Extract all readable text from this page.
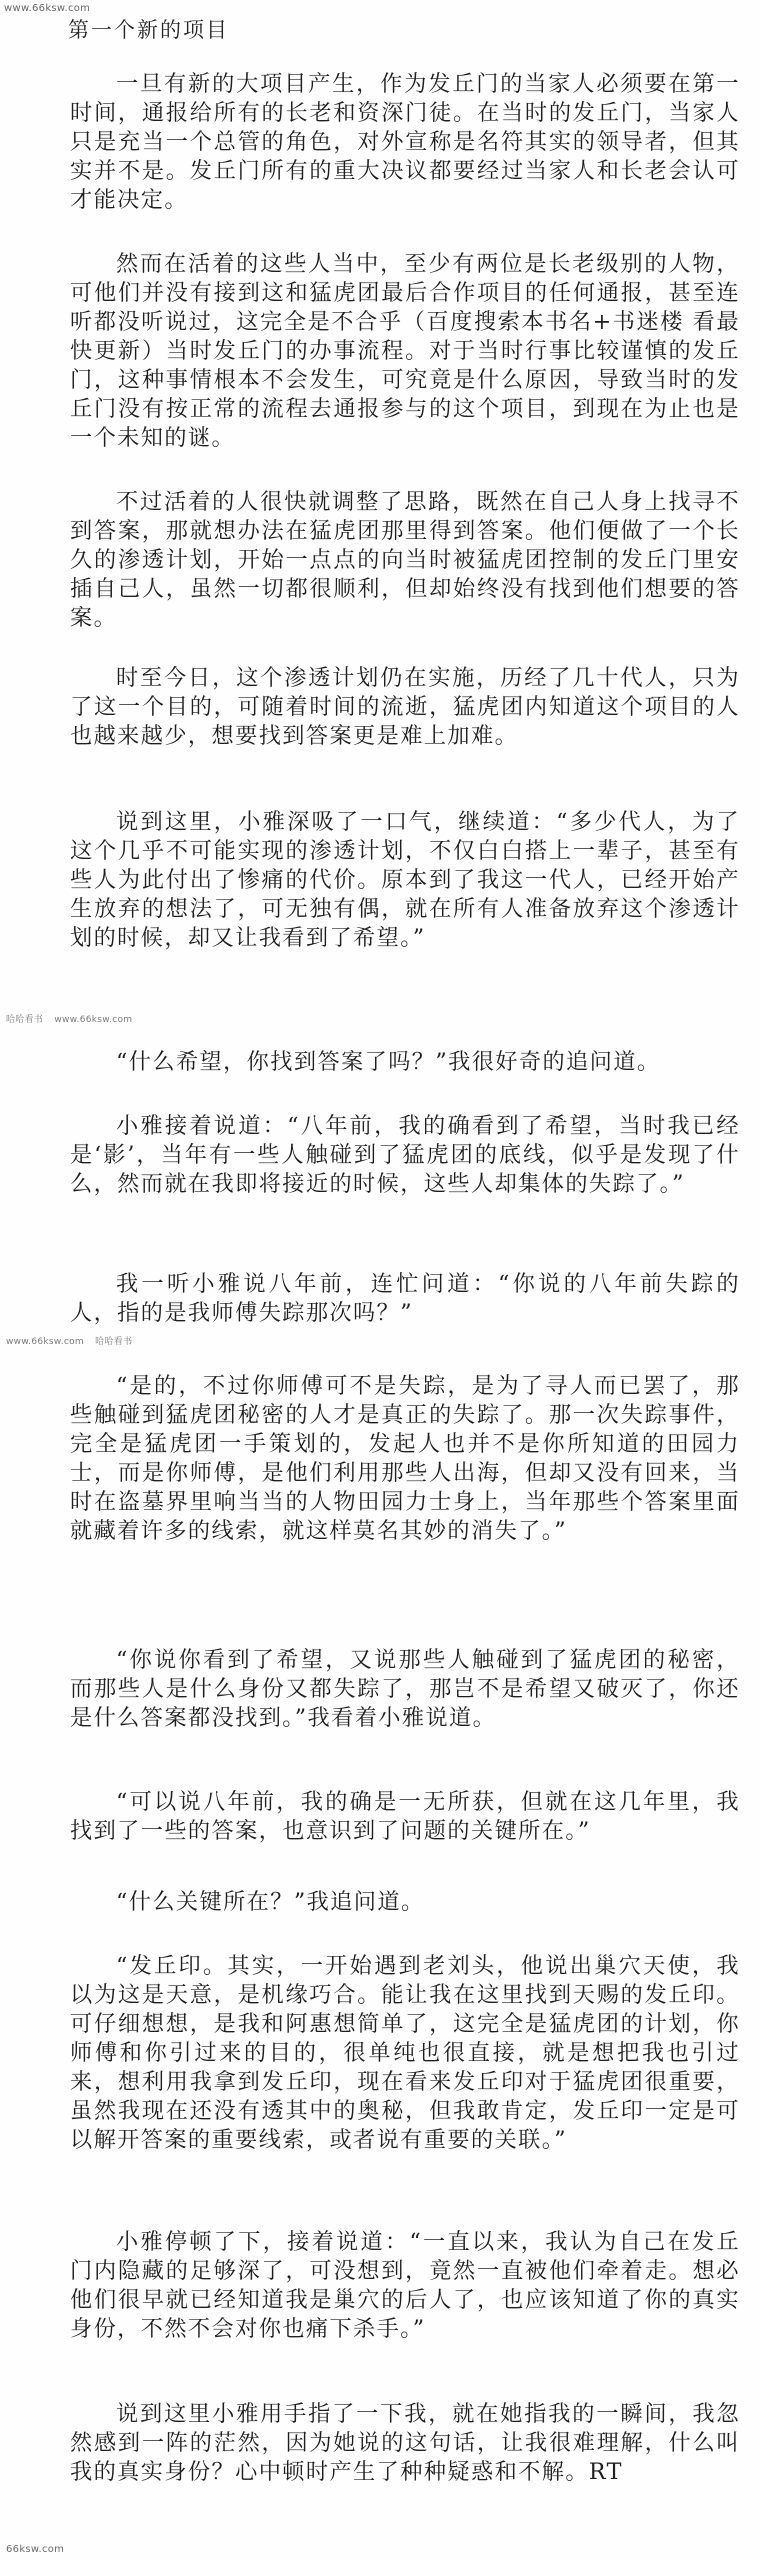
www.66ksw.com
第一个新的项目

一旦有新的大项目产生，作为发丘门的当家人必须要在第一时间，通报给所有的长老和资深门徒。在当时的发丘门，当家人只是充当一个总管的角色，对外宣称是名符其实的领导者，但其实并不是。发丘门所有的重大决议都要经过当家人和长老会认可才能决定。

然而在活着的这些人当中，至少有两位是长老级别的人物，可他们并没有接到这和猛虎团最后合作项目的任何通报，甚至连听都没听说过，这完全是不合乎（百度搜索本书名+书迷楼 看最快更新）当时发丘门的办事流程。对于当时行事比较谨慎的发丘门，这种事情根本不会发生，可究竟是什么原因，导致当时的发丘门没有按正常的流程去通报参与的这个项目，到现在为止也是一个未知的谜。

不过活着的人很快就调整了思路，既然在自己人身上找寻不到答案，那就想办法在猛虎团那里得到答案。他们便做了一个长久的渗透计划，开始一点点的向当时被猛虎团控制的发丘门里安插自己人，虽然一切都很顺利，但却始终没有找到他们想要的答案。

时至今日，这个渗透计划仍在实施，历经了几十代人，只为了这一个目的，可随着时间的流逝，猛虎团内知道这个项目的人也越来越少，想要找到答案更是难上加难。

说到这里，小雅深吸了一口气，继续道：“多少代人，为了这个几乎不可能实现的渗透计划，不仅白白搭上一辈子，甚至有些人为此付出了惨痛的代价。原本到了我这一代人，已经开始产生放弃的想法了，可无独有偶，就在所有人准备放弃这个渗透计划的时候，却又让我看到了希望。”

哈哈看书 www.66ksw.com

“什么希望，你找到答案了吗？”我很好奇的追问道。

小雅接着说道：“八年前，我的确看到了希望，当时我已经是‘影’，当年有一些人触碰到了猛虎团的底线，似乎是发现了什么，然而就在我即将接近的时候，这些人却集体的失踪了。”

我一听小雅说八年前，连忙问道：“你说的八年前失踪的人，指的是我师傅失踪那次吗？”

www.66ksw.com 哈哈看书

“是的，不过你师傅可不是失踪，是为了寻人而已罢了，那些触碰到猛虎团秘密的人才是真正的失踪了。那一次失踪事件，完全是猛虎团一手策划的，发起人也并不是你所知道的田园力士，而是你师傅，是他们利用那些人出海，但却又没有回来，当时在盗墓界里响当当的人物田园力士身上，当年那些个答案里面就藏着许多的线索，就这样莫名其妙的消失了。”

“你说你看到了希望，又说那些人触碰到了猛虎团的秘密，而那些人是什么身份又都失踪了，那岂不是希望又破灭了，你还是什么答案都没找到。”我看着小雅说道。

“可以说八年前，我的确是一无所获，但就在这几年里，我找到了一些的答案，也意识到了问题的关键所在。”

“什么关键所在？”我追问道。

“发丘印。其实，一开始遇到老刘头，他说出巢穴天使，我以为这是天意，是机缘巧合。能让我在这里找到天赐的发丘印。可仔细想想，是我和阿惠想简单了，这完全是猛虎团的计划，你师傅和你引过来的目的，很单纯也很直接，就是想把我也引过来，想利用我拿到发丘印，现在看来发丘印对于猛虎团很重要，虽然我现在还没有透其中的奥秘，但我敢肯定，发丘印一定是可以解开答案的重要线索，或者说有重要的关联。”

小雅停顿了下，接着说道：“一直以来，我认为自己在发丘门内隐藏的足够深了，可没想到，竟然一直被他们牵着走。想必他们很早就已经知道我是巢穴的后人了，也应该知道了你的真实身份，不然不会对你也痛下杀手。”

说到这里小雅用手指了一下我，就在她指我的一瞬间，我忽然感到一阵的茫然，因为她说的这句话，让我很难理解，什么叫我的真实身份？心中顿时产生了种种疑惑和不解。RT

66ksw.com
